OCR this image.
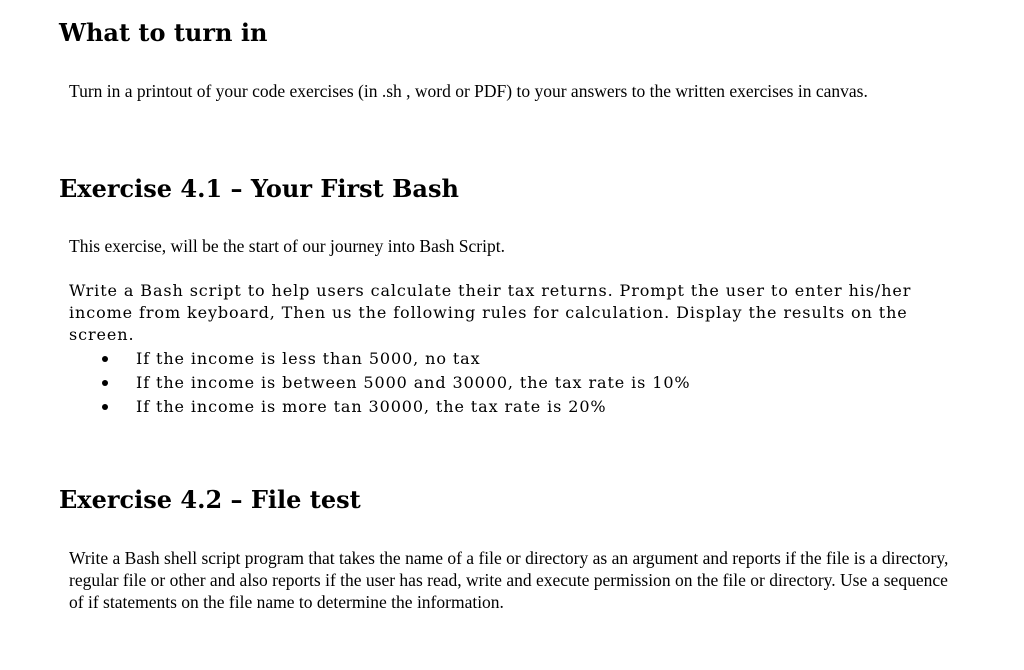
What to turn in

Turn in a printout of your code exercises (in .sh , word or PDF) to your answers to the written exercises in canvas.

Exercise 4.1 – Your First Bash

This exercise, will be the start of our journey into Bash Script.

Write a Bash script to help users calculate their tax returns. Prompt the user to enter his/her income from keyboard, Then us the following rules for calculation. Display the results on the screen.

If the income is less than 5000, no tax
If the income is between 5000 and 30000, the tax rate is 10%
If the income is more tan 30000, the tax rate is 20%
Exercise 4.2 – File test

Write a Bash shell script program that takes the name of a file or directory as an argument and reports if the file is a directory, regular file or other and also reports if the user has read, write and execute permission on the file or directory. Use a sequence of if statements on the file name to determine the information.
